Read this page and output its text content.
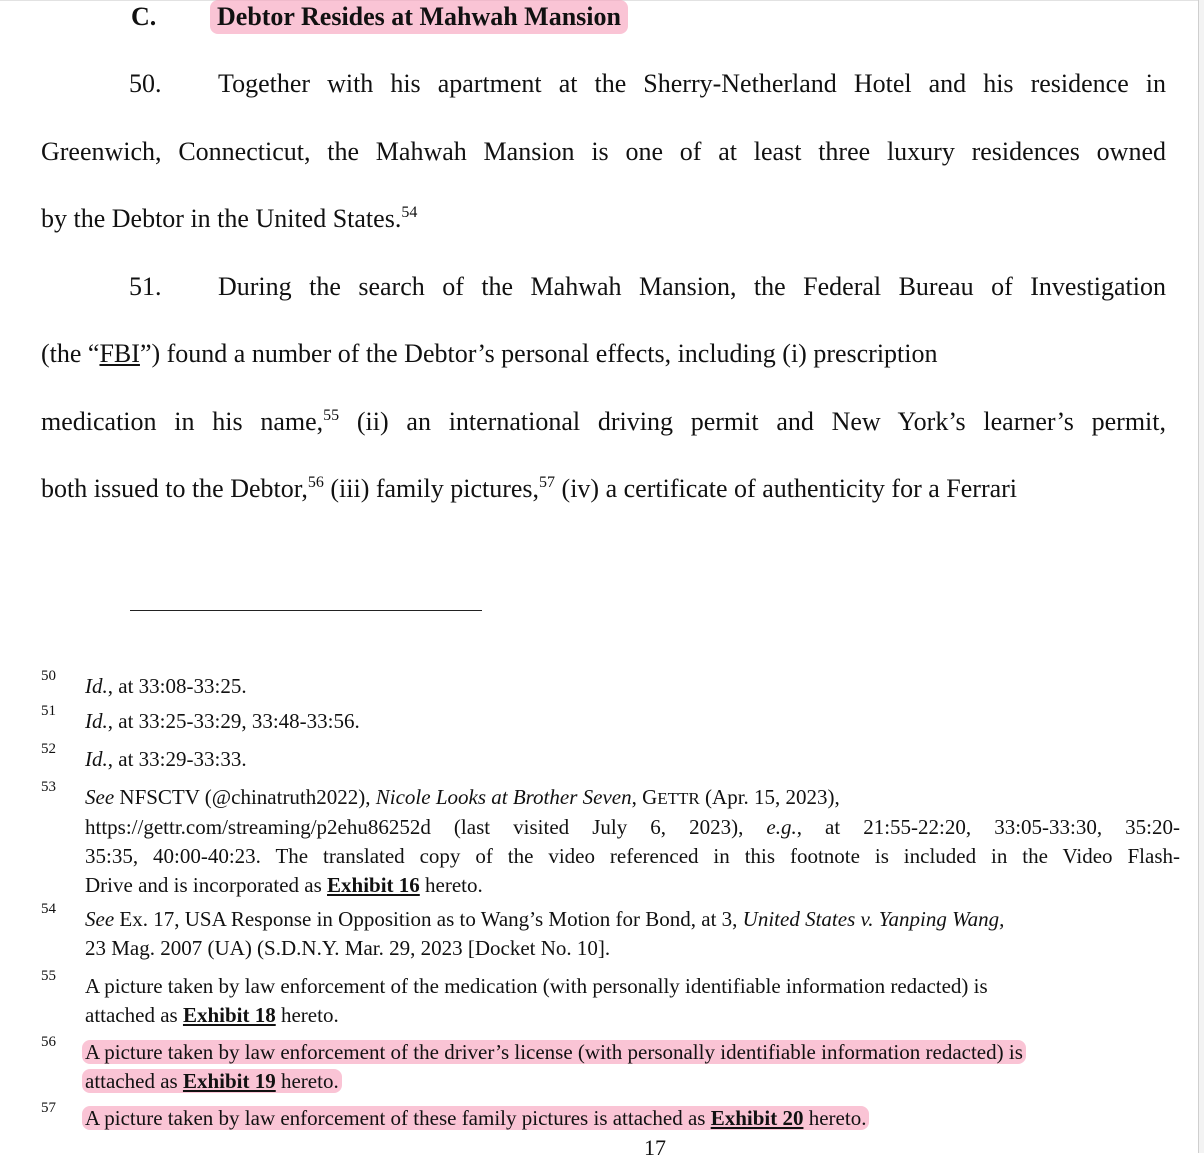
C. Debtor Resides at Mahwah Mansion
50. Together with his apartment at the Sherry-Netherland Hotel and his residence in
Greenwich, Connecticut, the Mahwah Mansion is one of at least three luxury residences owned
by the Debtor in the United States.$^{54}$
51. During the search of the Mahwah Mansion, the Federal Bureau of Investigation
(the “FBI”) found a number of the Debtor’s personal effects, including (i) prescription
medication in his name,$^{55}$ (ii) an international driving permit and New York’s learner’s permit,
both issued to the Debtor,$^{56}$ (iii) family pictures,$^{57}$ (iv) a certificate of authenticity for a Ferrari
50 Id., at 33:08-33:25.
51 Id., at 33:25-33:29, 33:48-33:56.
52 Id., at 33:29-33:33.
53 See NFSCTV (@chinatruth2022), Nicole Looks at Brother Seven, GETTR (Apr. 15, 2023),
https://gettr.com/streaming/p2ehu86252d (last visited July 6, 2023), e.g., at 21:55-22:20, 33:05-33:30, 35:20-
35:35, 40:00-40:23. The translated copy of the video referenced in this footnote is included in the Video Flash-
Drive and is incorporated as Exhibit 16 hereto.
54 See Ex. 17, USA Response in Opposition as to Wang’s Motion for Bond, at 3, United States v. Yanping Wang,
23 Mag. 2007 (UA) (S.D.N.Y. Mar. 29, 2023 [Docket No. 10].
55 A picture taken by law enforcement of the medication (with personally identifiable information redacted) is
attached as Exhibit 18 hereto.
56 A picture taken by law enforcement of the driver’s license (with personally identifiable information redacted) is
attached as Exhibit 19 hereto.
57 A picture taken by law enforcement of these family pictures is attached as Exhibit 20 hereto.
17
